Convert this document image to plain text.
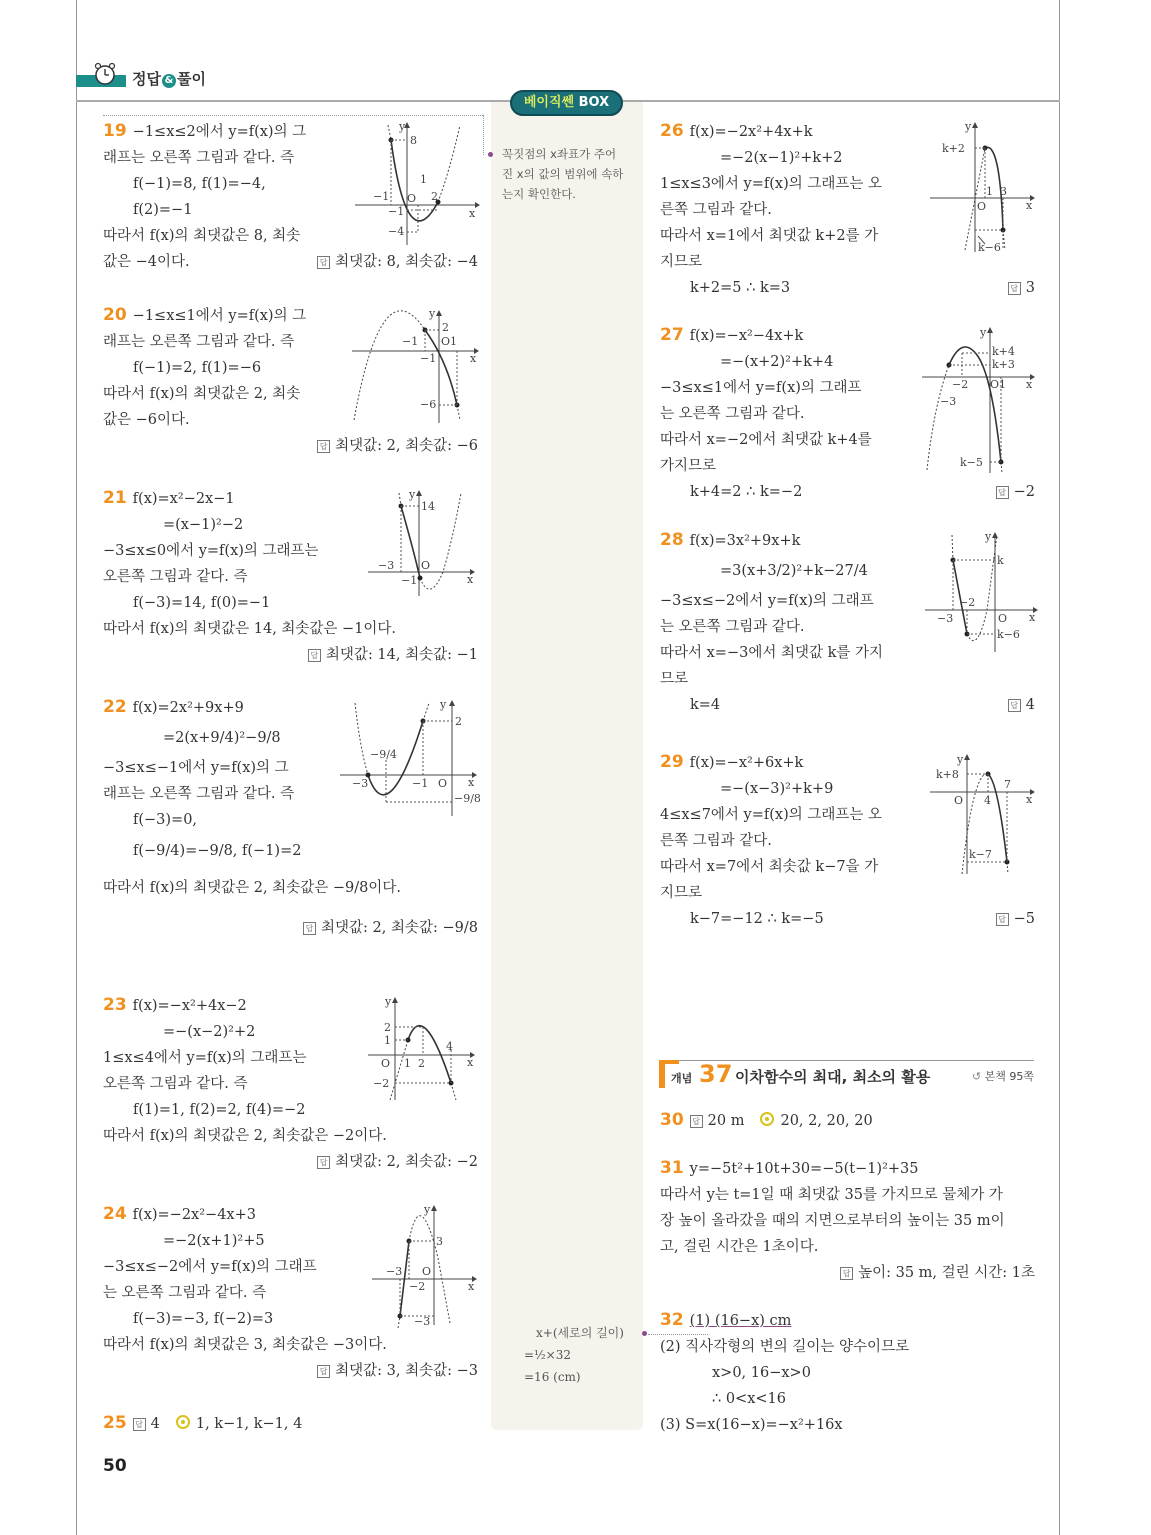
정답 & 풀이
베이직쎈 BOX
꼭짓점의 x좌표가 주어
진 x의 값의 범위에 속하
는지 확인한다.
x+(세로의 길이)
=½×32
=16 (cm)
19 −1≤x≤2에서 y=f(x)의 그
래프는 오른쪽 그림과 같다. 즉
f(−1)=8, f(1)=−4,
f(2)=−1
따라서 f(x)의 최댓값은 8, 최솟
값은 −4이다.	답 최댓값: 8, 최솟값: −4
y
x
8
O
−1
−1
−4
1
2
20 −1≤x≤1에서 y=f(x)의 그
래프는 오른쪽 그림과 같다. 즉
f(−1)=2, f(1)=−6
따라서 f(x)의 최댓값은 2, 최솟
값은 −6이다.
답 최댓값: 2, 최솟값: −6
y
x
2
−1 O1
−1
−6
21 f(x)=x²−2x−1
=(x−1)²−2
−3≤x≤0에서 y=f(x)의 그래프는
오른쪽 그림과 같다. 즉
f(−3)=14, f(0)=−1
따라서 f(x)의 최댓값은 14, 최솟값은 −1이다.
답 최댓값: 14, 최솟값: −1
y
x
14
O
−3
−1
22 f(x)=2x²+9x+9
=2(x+9/4)²−9/8
−3≤x≤−1에서 y=f(x)의 그
래프는 오른쪽 그림과 같다. 즉
f(−3)=0,
f(−9/4)=−9/8, f(−1)=2
따라서 f(x)의 최댓값은 2, 최솟값은 −9/8이다.
답 최댓값: 2, 최솟값: −9/8
y
x
2
−3	−1 O
−9/4
−9/8
23 f(x)=−x²+4x−2
=−(x−2)²+2
1≤x≤4에서 y=f(x)의 그래프는
오른쪽 그림과 같다. 즉
f(1)=1, f(2)=2, f(4)=−2
따라서 f(x)의 최댓값은 2, 최솟값은 −2이다.
답 최댓값: 2, 최솟값: −2
y
x
2
1
O 1 2
4
−2
24 f(x)=−2x²−4x+3
=−2(x+1)²+5
−3≤x≤−2에서 y=f(x)의 그래프
는 오른쪽 그림과 같다. 즉
f(−3)=−3, f(−2)=3
따라서 f(x)의 최댓값은 3, 최솟값은 −3이다.
답 최댓값: 3, 최솟값: −3
y
x
3
O
−3
−2
−3
25 답 4 1, k−1, k−1, 4
26 f(x)=−2x²+4x+k
=−2(x−1)²+k+2
1≤x≤3에서 y=f(x)의 그래프는 오
른쪽 그림과 같다.
따라서 x=1에서 최댓값 k+2를 가
지므로
k+2=5 ∴ k=3	답 3
y
x
k+2
1 3
O
k−6
27 f(x)=−x²−4x+k
=−(x+2)²+k+4
−3≤x≤1에서 y=f(x)의 그래프
는 오른쪽 그림과 같다.
따라서 x=−2에서 최댓값 k+4를
가지므로
k+4=2 ∴ k=−2	답 −2
y
x
k+4
k+3
−2 O1
−3
k−5
28 f(x)=3x²+9x+k
=3(x+3/2)²+k−27/4
−3≤x≤−2에서 y=f(x)의 그래프
는 오른쪽 그림과 같다.
따라서 x=−3에서 최댓값 k를 가지
므로
k=4	답 4
y
x
k
−2
−3	O
k−6
29 f(x)=−x²+6x+k
=−(x−3)²+k+9
4≤x≤7에서 y=f(x)의 그래프는 오
른쪽 그림과 같다.
따라서 x=7에서 최솟값 k−7을 가
지므로
k−7=−12 ∴ k=−5	답 −5
y
x
k+8
O 4
7
k−7
개념 37 이차함수의 최대, 최소의 활용	↺ 본책 95쪽
30 답 20 m 20, 2, 20, 20
31 y=−5t²+10t+30=−5(t−1)²+35
따라서 y는 t=1일 때 최댓값 35를 가지므로 물체가 가
장 높이 올라갔을 때의 지면으로부터의 높이는 35 m이
고, 걸린 시간은 1초이다.
답 높이: 35 m, 걸린 시간: 1초
32 (1) (16−x) cm
(2) 직사각형의 변의 길이는 양수이므로
x>0, 16−x>0
∴ 0<x<16
(3) S=x(16−x)=−x²+16x
50
